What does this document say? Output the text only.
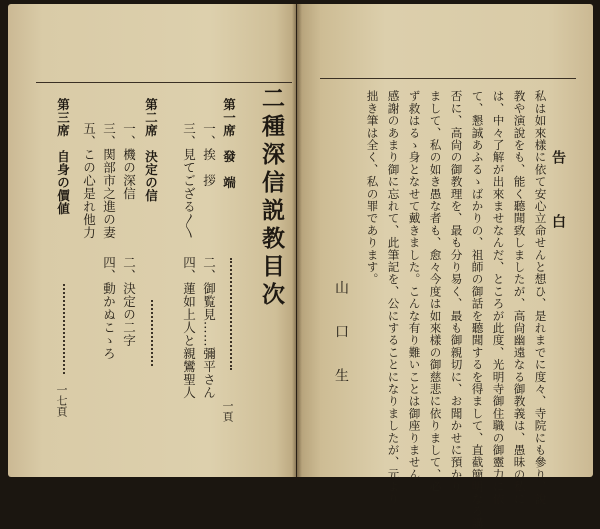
二種深信説教目次
第一席　發　端
一頁
一、挨　拶
二、御覧見……彌平さん
三、見てござる〳〵
四、蓮如上人と親鸞聖人
第二席　決定の信
一、機の深信
二、決定の二字
三、関部市之進の妻
四、動かぬこゝろ
五、この心是れ他力
第三席　自身の價値
一七頁
告　白
私は如來樣に依て安心立命せんと想ひ、是れまでに度々、寺院にも參り、說
教や演說をも、能く聽聞致しましたが、高尙幽遠なる御教義は、愚昧の私に
は、中々了解が出來ませなんだ、ところが此度、光明寺御住職の御靈力に依
て、懇誠あふるゝばかりの、祖師の御話を聽聞するを得まして、直截簡明なる講
否に、高尙の御教理を、最も分り易く、最も御親切に、お聞かせに預かり
まして、私の如き愚な者も、愈々今度は如來樣の御慈悲に依りまして、必
ず救はるゝ身となせて戴きました。こんな有り難いことは御座りません
感謝のあまり御に忘れて、此筆記を、公にすることになりましたが、元より
拙き筆は全く、私の罪であります。
山口生
